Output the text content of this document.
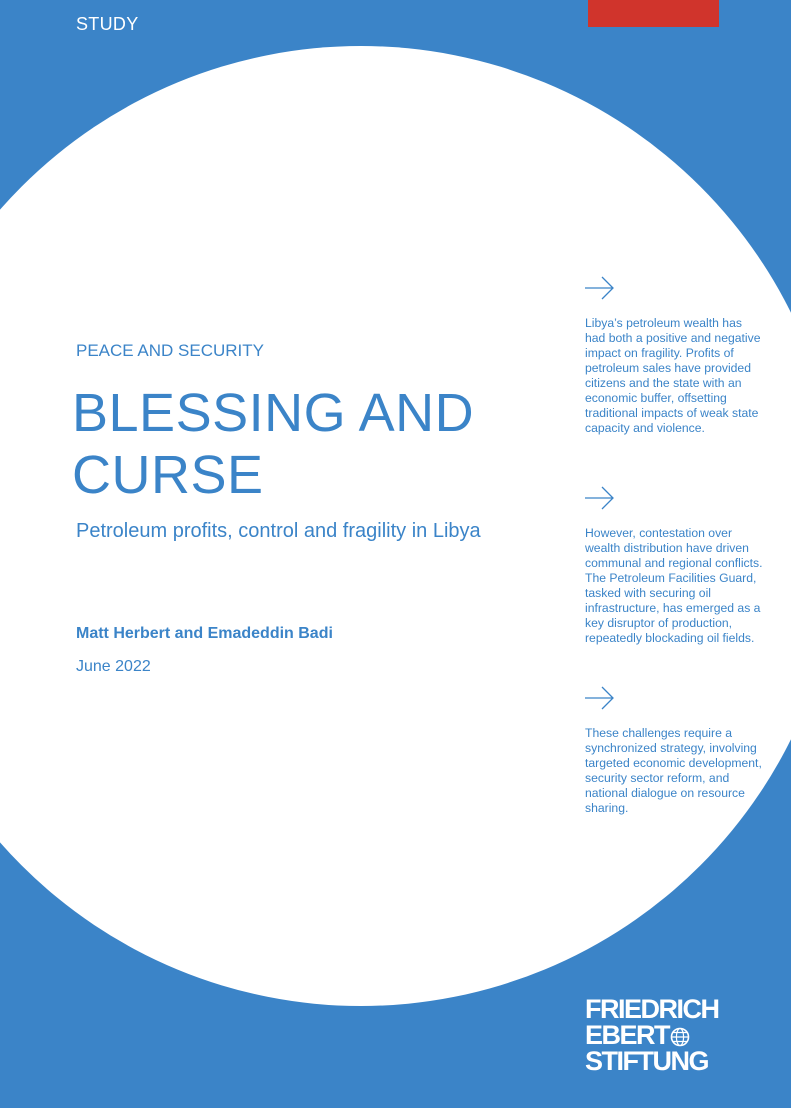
STUDY
PEACE AND SECURITY
BLESSING AND
CURSE
Petroleum profits, control and fragility in Libya
Matt Herbert and Emadeddin Badi
June 2022
Libya’s petroleum wealth has had both a positive and negative impact on fragility. Profits of petroleum sales have provided citizens and the state with an economic buffer, offsetting traditional impacts of weak state capacity and violence.
However, contestation over wealth distribution have driven communal and regional conflicts. The Petroleum Facilities Guard, tasked with securing oil infrastructure, has emerged as a key disruptor of production, repeatedly blockading oil fields.
These challenges require a synchronized strategy, involving targeted economic development, security sector reform, and national dialogue on resource sharing.
FRIEDRICH
EBERT
STIFTUNG
